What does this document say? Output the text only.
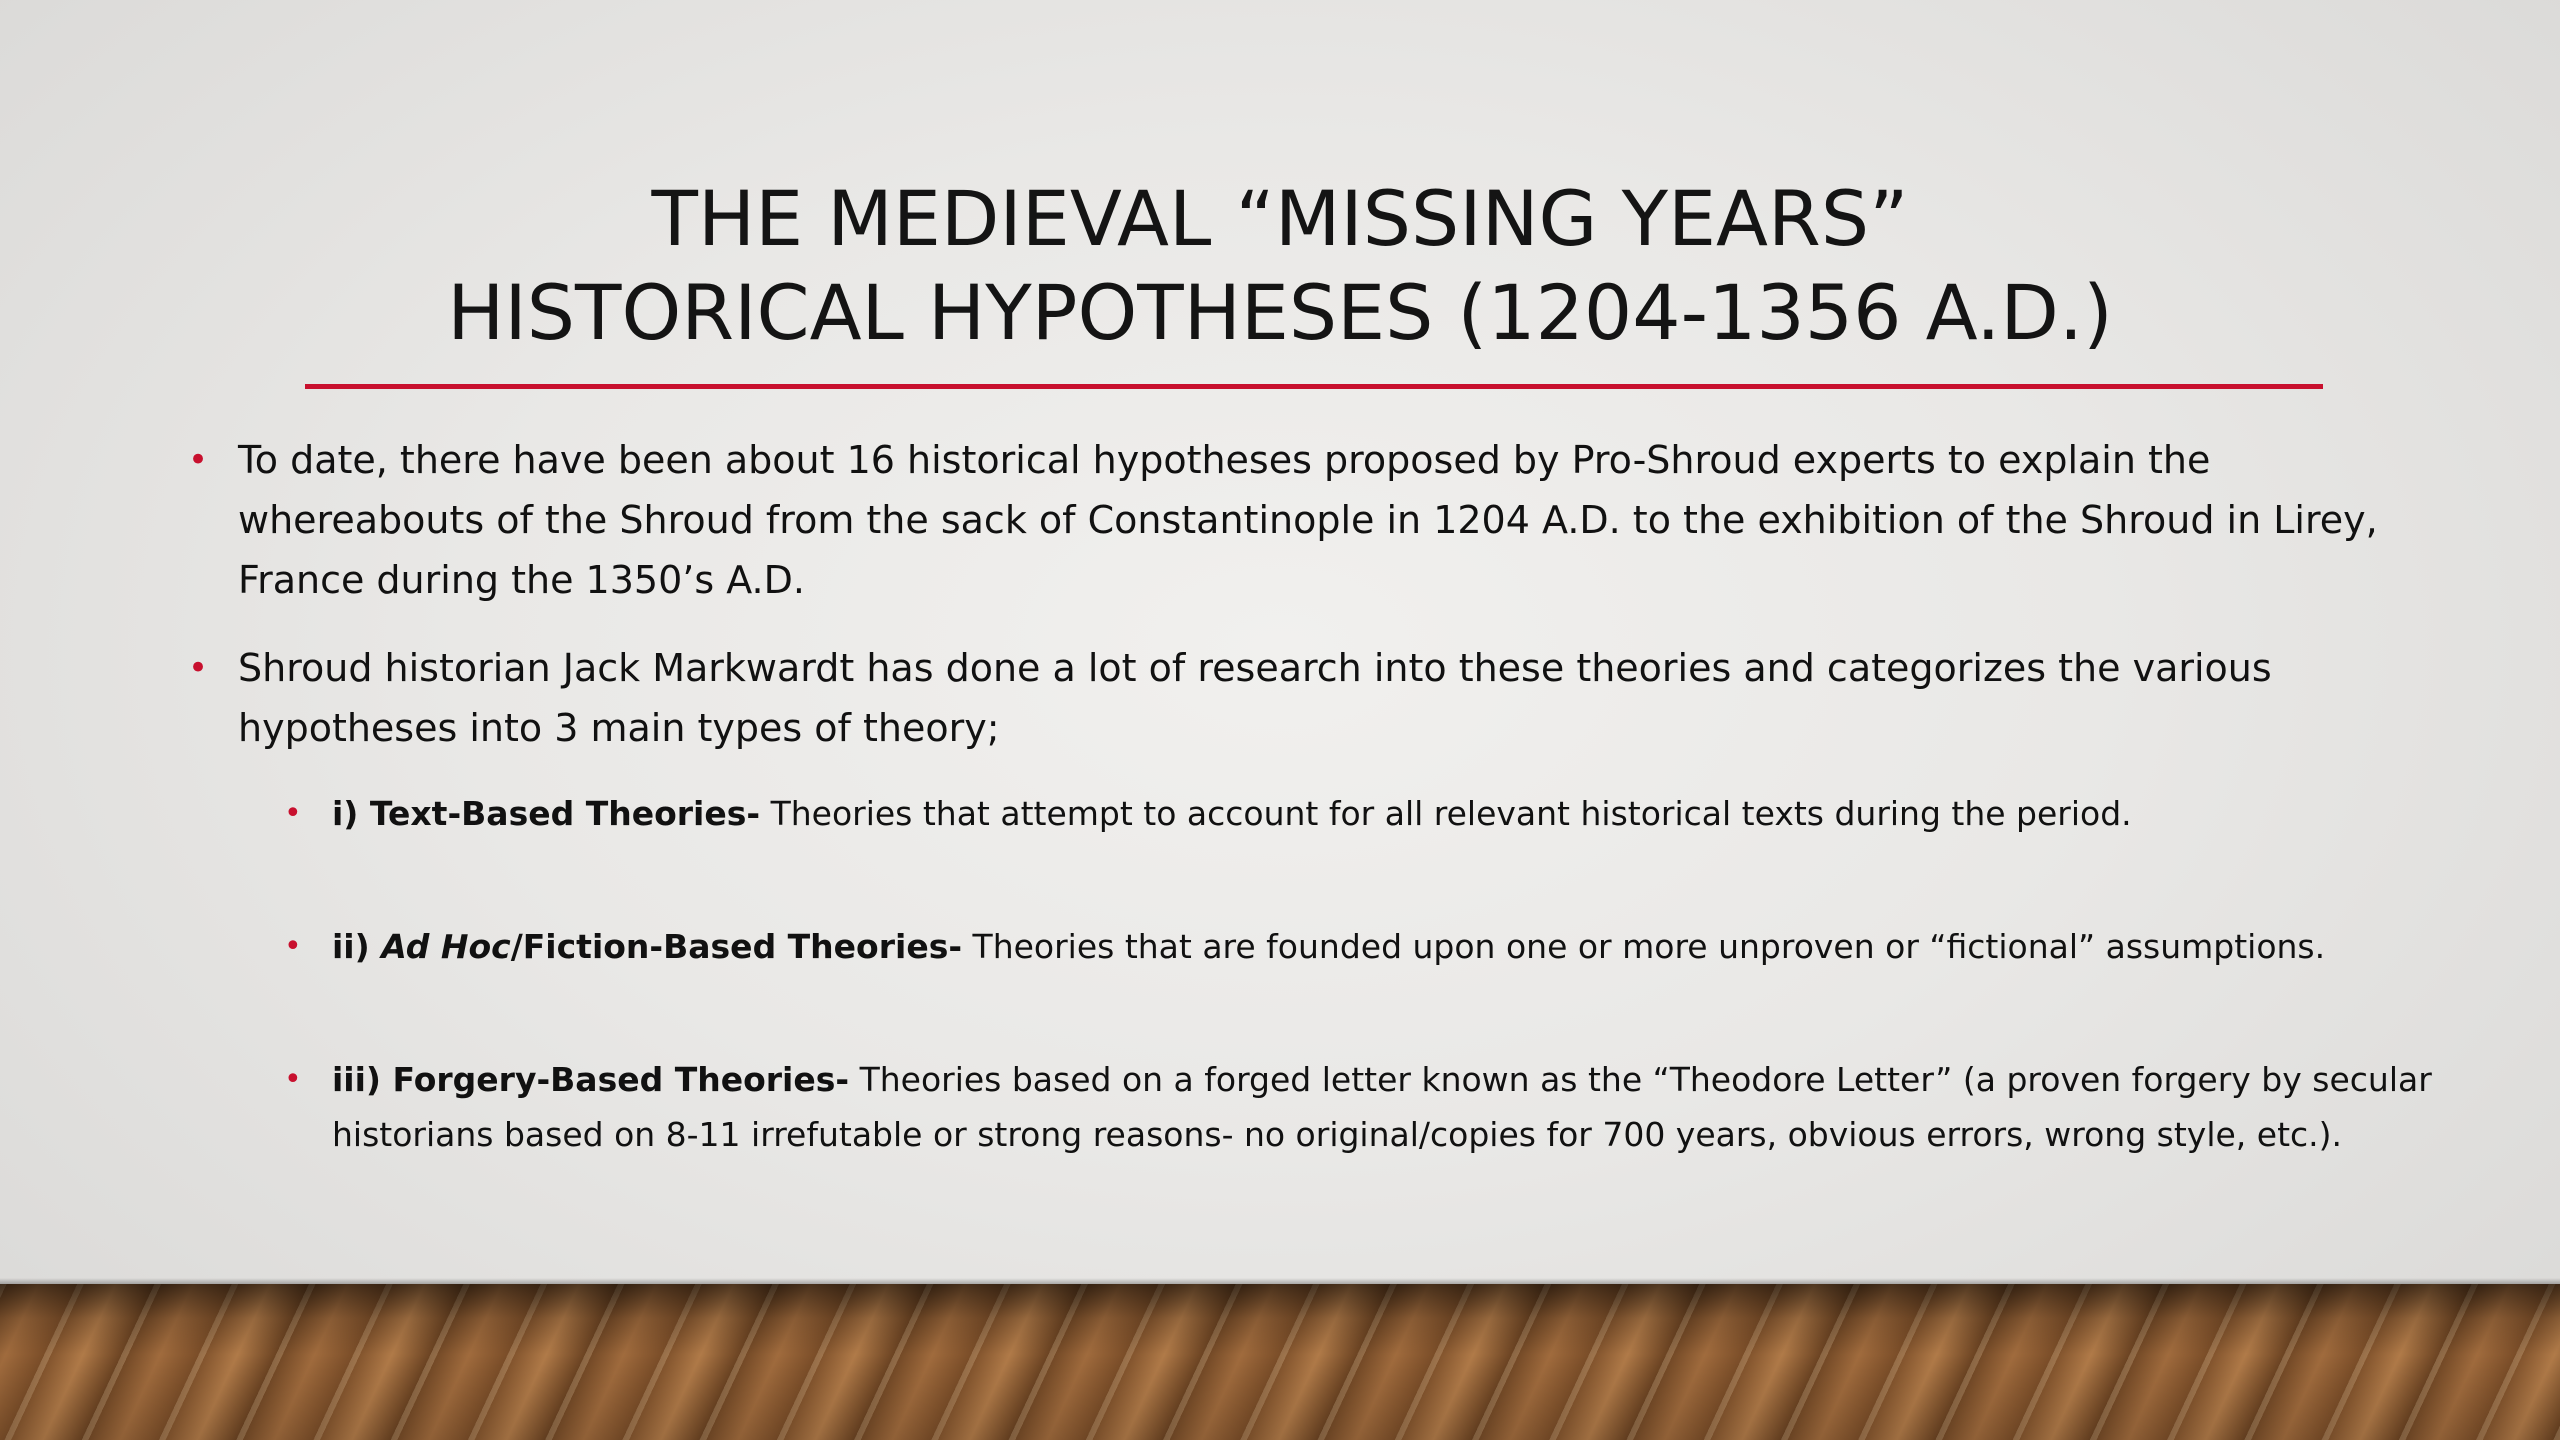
THE MEDIEVAL “MISSING YEARS”
HISTORICAL HYPOTHESES (1204-1356 A.D.)
• To date, there have been about 16 historical hypotheses proposed by Pro-Shroud experts to explain the whereabouts of the Shroud from the sack of Constantinople in 1204 A.D. to the exhibition of the Shroud in Lirey, France during the 1350’s A.D.
• Shroud historian Jack Markwardt has done a lot of research into these theories and categorizes the various hypotheses into 3 main types of theory;
• i) Text-Based Theories- Theories that attempt to account for all relevant historical texts during the period.
• ii) Ad Hoc/Fiction-Based Theories- Theories that are founded upon one or more unproven or “fictional” assumptions.
• iii) Forgery-Based Theories- Theories based on a forged letter known as the “Theodore Letter” (a proven forgery by secular historians based on 8-11 irrefutable or strong reasons- no original/copies for 700 years, obvious errors, wrong style, etc.).
